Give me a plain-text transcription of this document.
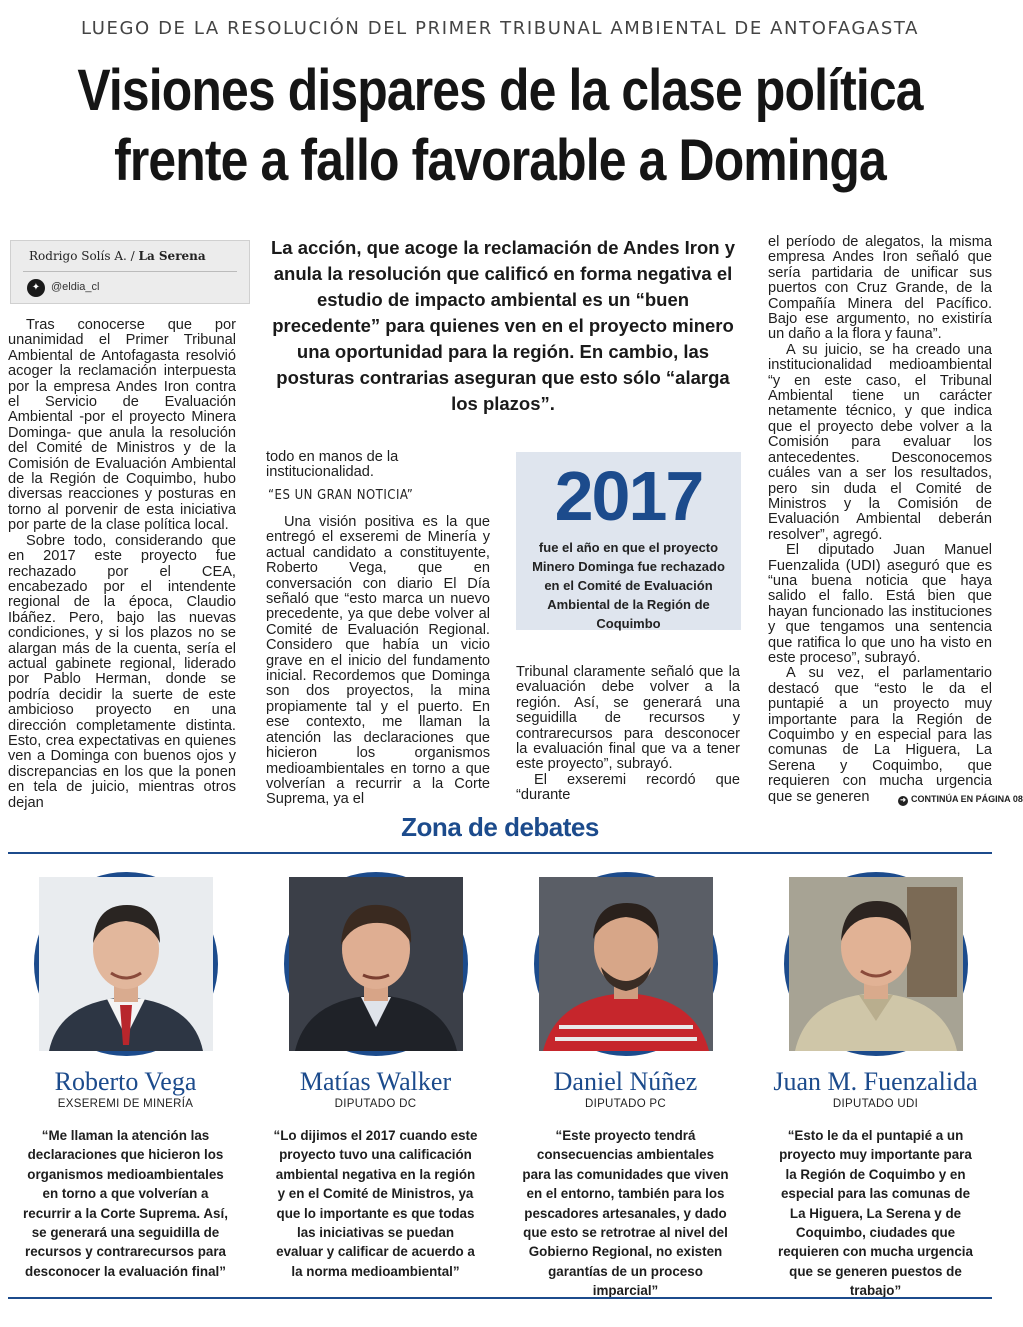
LUEGO DE LA RESOLUCIÓN DEL PRIMER TRIBUNAL AMBIENTAL DE ANTOFAGASTA
Visiones dispares de la clase política
frente a fallo favorable a Dominga
Rodrigo Solís A. / La Serena
✦ @eldia_cl
La acción, que acoge la reclamación de Andes Iron y anula la resolución que calificó en forma negativa el estudio de impacto ambiental es un “buen precedente” para quienes ven en el proyecto minero una oportunidad para la región. En cambio, las posturas contrarias aseguran que esto sólo “alarga los plazos”.

Tras conocerse que por unanimidad el Primer Tribunal Ambiental de Antofagasta resolvió acoger la reclamación interpuesta por la empresa Andes Iron contra el Servicio de Evaluación Ambiental -por el proyecto Minera Dominga- que anula la resolución del Comité de Ministros y de la Comisión de Evaluación Ambiental de la Región de Coquimbo, hubo diversas reacciones y posturas en torno al porvenir de esta iniciativa por parte de la clase política local.

Sobre todo, considerando que en 2017 este proyecto fue rechazado por el CEA, encabezado por el intendente regional de la época, Claudio Ibáñez. Pero, bajo las nuevas condiciones, y si los plazos no se alargan más de la cuenta, sería el actual gabinete regional, liderado por Pablo Herman, donde se podría decidir la suerte de este ambicioso proyecto en una dirección completamente distinta. Esto, crea expectativas en quienes ven a Dominga con buenos ojos y discrepancias en los que la ponen en tela de juicio, mientras otros dejan

todo en manos de la institucionalidad.

“ES UN GRAN NOTICIA”

Una visión positiva es la que entregó el exseremi de Minería y actual candidato a constituyente, Roberto Vega, que en conversación con diario El Día señaló que “esto marca un nuevo precedente, ya que debe volver al Comité de Evaluación Regional. Considero que había un vicio grave en el inicio del fundamento inicial. Recordemos que Dominga son dos proyectos, la mina propiamente tal y el puerto. En ese contexto, me llaman la atención las declaraciones que hicieron los organismos medioambientales en torno a que volverían a recurrir a la Corte Suprema, ya el

2017
fue el año en que el proyecto Minero Dominga fue rechazado en el Comité de Evaluación Ambiental de la Región de Coquimbo

Tribunal claramente señaló que la evaluación debe volver a la región. Así, se generará una seguidilla de recursos y contrarecursos para desconocer la evaluación final que va a tener este proyecto”, subrayó.

El exseremi recordó que “durante

el período de alegatos, la misma empresa Andes Iron señaló que sería partidaria de unificar sus puertos con Cruz Grande, de la Compañía Minera del Pacífico. Bajo ese argumento, no existiría un daño a la flora y fauna”.

A su juicio, se ha creado una institucionalidad medioambiental “y en este caso, el Tribunal Ambiental tiene un carácter netamente técnico, y que indica que el proyecto debe volver a la Comisión para evaluar los antecedentes. Desconocemos cuáles van a ser los resultados, pero sin duda el Comité de Ministros y la Comisión de Evaluación Ambiental deberán resolver”, agregó.

El diputado Juan Manuel Fuenzalida (UDI) aseguró que es “una buena noticia que haya salido el fallo. Está bien que hayan funcionado las instituciones y que tengamos una sentencia que ratifica lo que uno ha visto en este proceso”, subrayó.

A su vez, el parlamentario destacó que “esto le da el puntapié a un proyecto muy importante para la Región de Coquimbo y en especial para las comunas de La Higuera, La Serena y Coquimbo, que requieren con mucha urgencia que se generen	➜ CONTINÚA EN PÁGINA 08
Zona de debates
Roberto Vega
EXSEREMI DE MINERÍA
“Me llaman la atención las declaraciones que hicieron los organismos medioambientales en torno a que volverían a recurrir a la Corte Suprema. Así, se generará una seguidilla de recursos y contrarecursos para desconocer la evaluación final”
Matías Walker
DIPUTADO DC
“Lo dijimos el 2017 cuando este proyecto tuvo una calificación ambiental negativa en la región y en el Comité de Ministros, ya que lo importante es que todas las iniciativas se puedan evaluar y calificar de acuerdo a la norma medioambiental”
Daniel Núñez
DIPUTADO PC
“Este proyecto tendrá consecuencias ambientales para las comunidades que viven en el entorno, también para los pescadores artesanales, y dado que esto se retrotrae al nivel del Gobierno Regional, no existen garantías de un proceso imparcial”
Juan M. Fuenzalida
DIPUTADO UDI
“Esto le da el puntapié a un proyecto muy importante para la Región de Coquimbo y en especial para las comunas de La Higuera, La Serena y de Coquimbo, ciudades que requieren con mucha urgencia que se generen puestos de trabajo”
